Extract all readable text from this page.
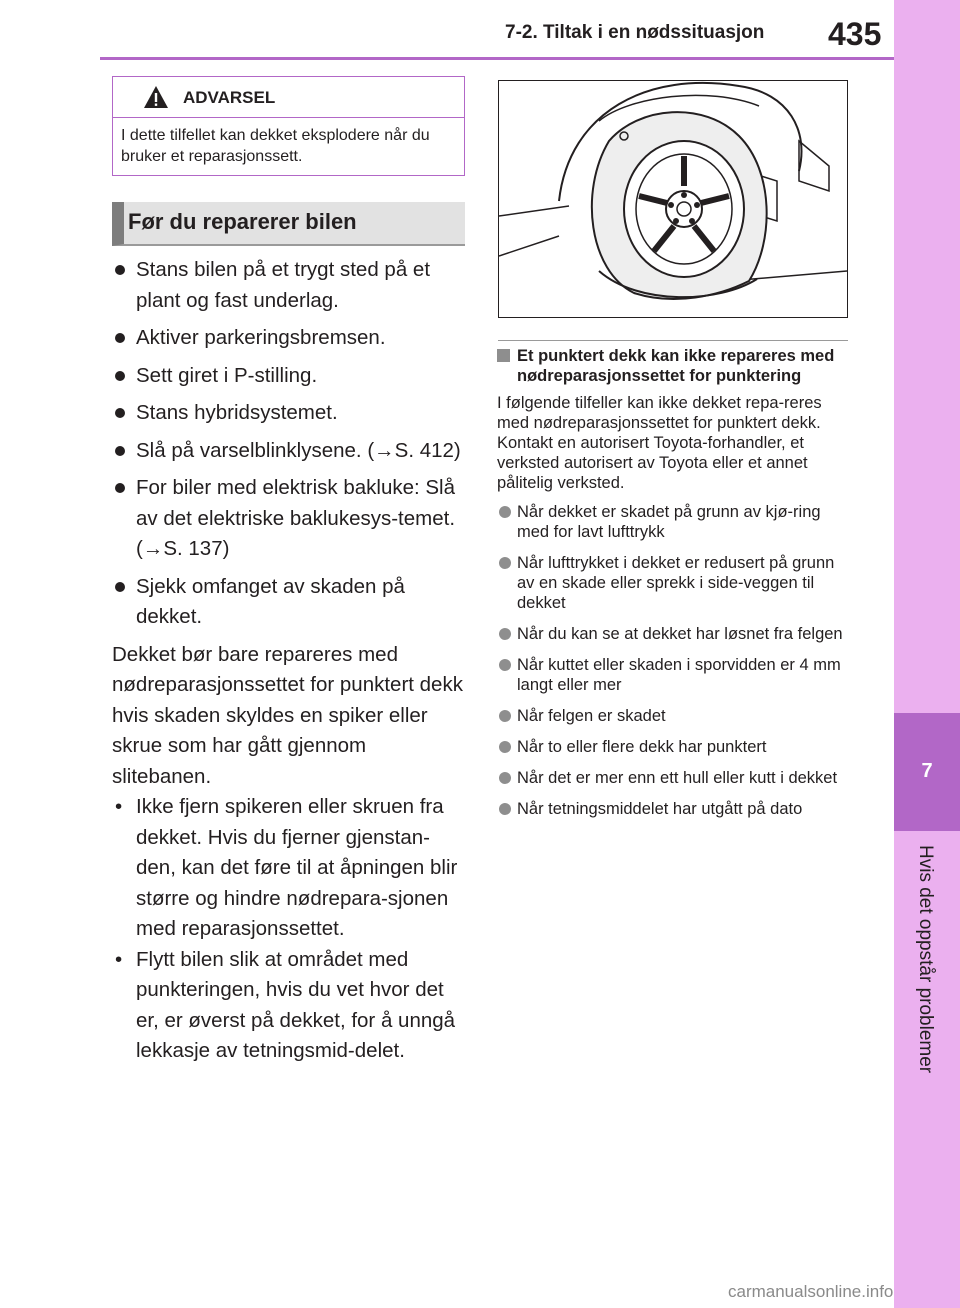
7-2. Tiltak i en nødssituasjon 435
7
Hvis det oppstår problemer
ADVARSEL
I dette tilfellet kan dekket eksplodere når du bruker et reparasjonssett.
Før du reparerer bilen
Stans bilen på et trygt sted på et plant og fast underlag.
Aktiver parkeringsbremsen.
Sett giret i P-stilling.
Stans hybridsystemet.
Slå på varselblinklysene. (→S. 412)
For biler med elektrisk bakluke: Slå av det elektriske baklukesys-temet. (→S. 137)
Sjekk omfanget av skaden på dekket.
Dekket bør bare repareres med nødreparasjonssettet for punktert dekk hvis skaden skyldes en spiker eller skrue som har gått gjennom slitebanen.
• Ikke fjern spikeren eller skruen fra dekket. Hvis du fjerner gjenstan-den, kan det føre til at åpningen blir større og hindre nødrepara-sjonen med reparasjonssettet.
• Flytt bilen slik at området med punkteringen, hvis du vet hvor det er, er øverst på dekket, for å unngå lekkasje av tetningsmid-delet.
Et punktert dekk kan ikke repareres med nødreparasjonssettet for punktering
I følgende tilfeller kan ikke dekket repa-reres med nødreparasjonssettet for punktert dekk. Kontakt en autorisert Toyota-forhandler, et verksted autorisert av Toyota eller et annet pålitelig verksted.
Når dekket er skadet på grunn av kjø-ring med for lavt lufttrykk
Når lufttrykket i dekket er redusert på grunn av en skade eller sprekk i side-veggen til dekket
Når du kan se at dekket har løsnet fra felgen
Når kuttet eller skaden i sporvidden er 4 mm langt eller mer
Når felgen er skadet
Når to eller flere dekk har punktert
Når det er mer enn ett hull eller kutt i dekket
Når tetningsmiddelet har utgått på dato
carmanualsonline.info
